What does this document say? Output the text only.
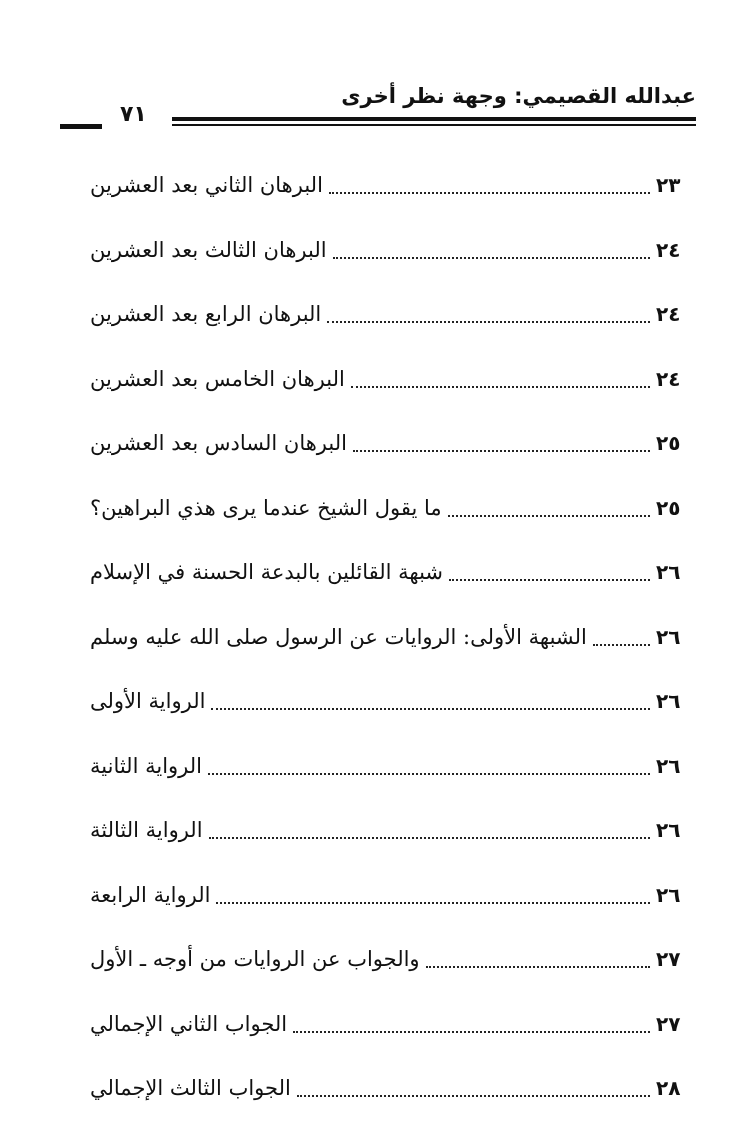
عبدالله القصيمي: وجهة نظر أخرى
٧١
البرهان الثاني بعد العشرين	٢٣
البرهان الثالث بعد العشرين	٢٤
البرهان الرابع بعد العشرين	٢٤
البرهان الخامس بعد العشرين	٢٤
البرهان السادس بعد العشرين	٢٥
ما يقول الشيخ عندما يرى هذي البراهين؟	٢٥
شبهة القائلين بالبدعة الحسنة في الإسلام	٢٦
الشبهة الأولى: الروايات عن الرسول صلى الله عليه وسلم	٢٦
الرواية الأولى	٢٦
الرواية الثانية	٢٦
الرواية الثالثة	٢٦
الرواية الرابعة	٢٦
والجواب عن الروايات من أوجه ـ الأول	٢٧
الجواب الثاني الإجمالي	٢٧
الجواب الثالث الإجمالي	٢٨
